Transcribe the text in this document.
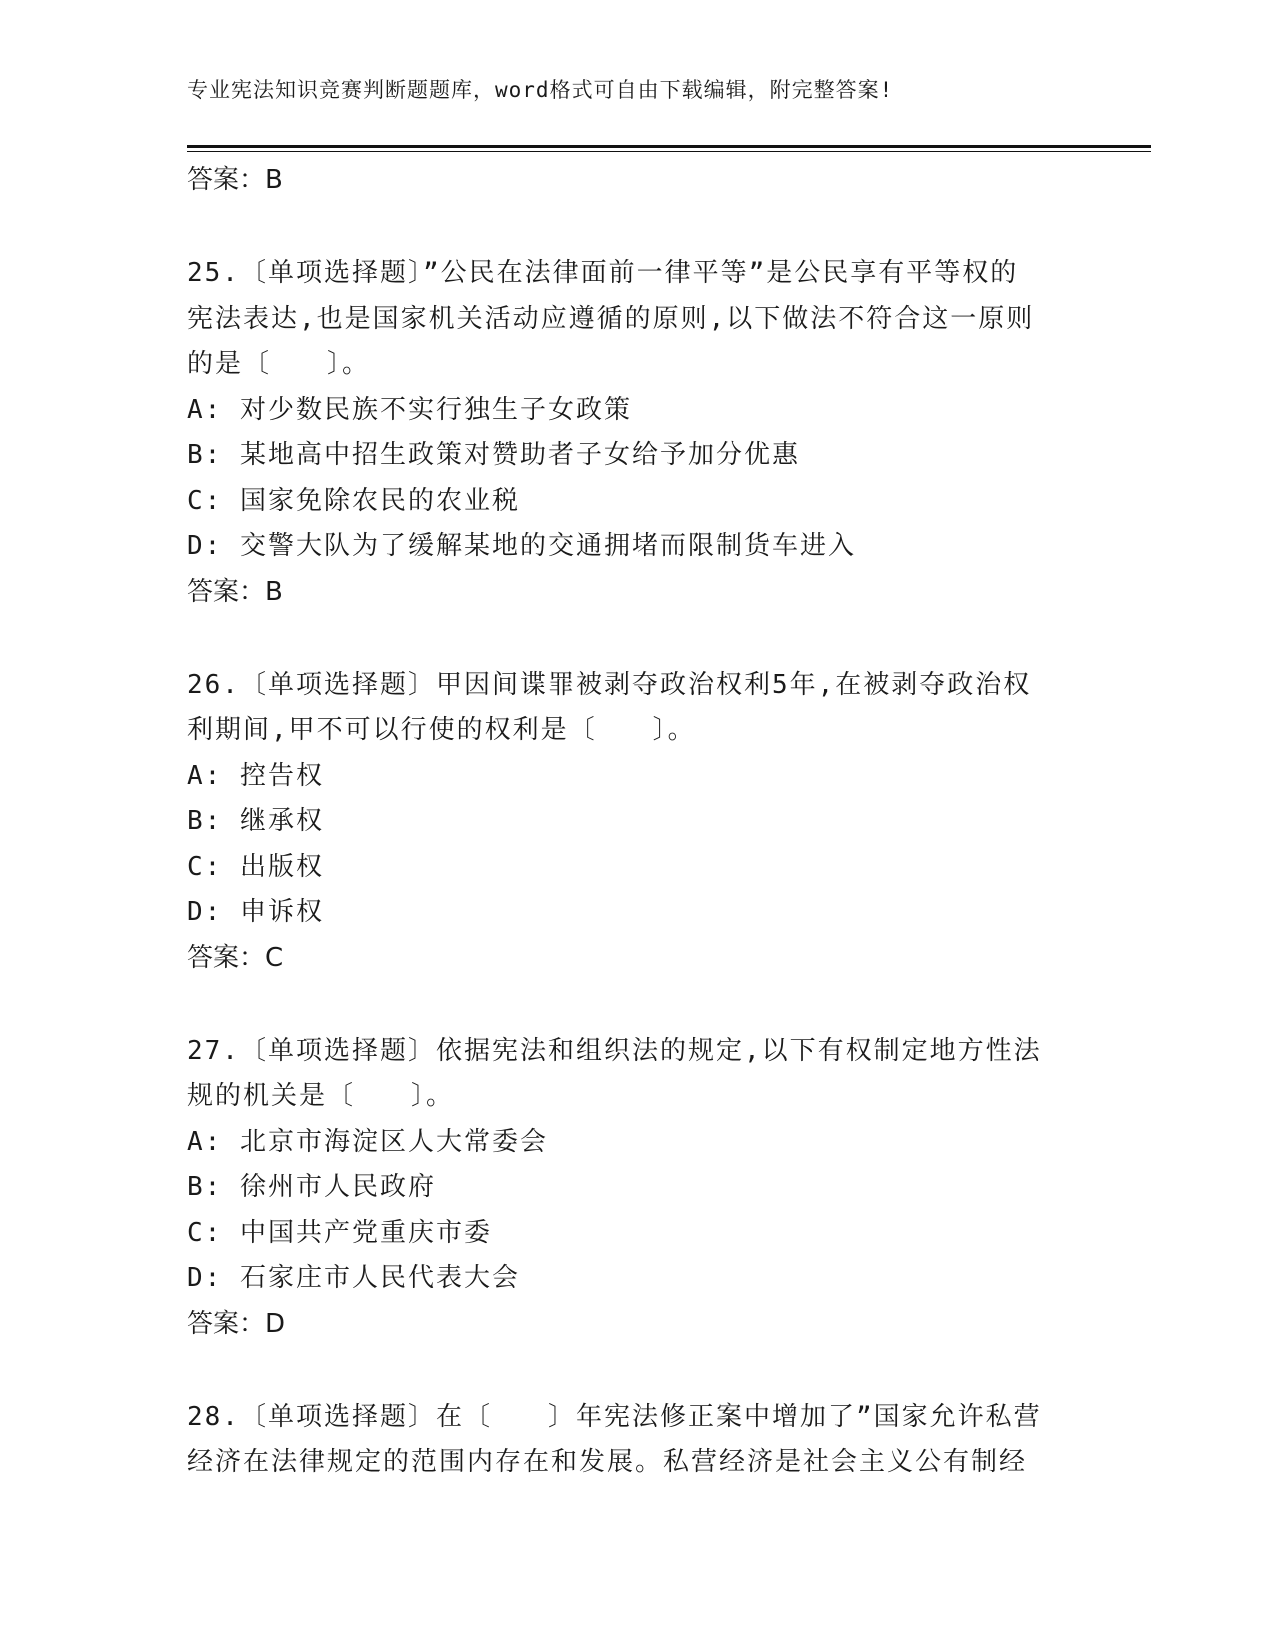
专业宪法知识竞赛判断题题库，word格式可自由下载编辑，附完整答案!
答案：B
25.〔单项选择题〕”公民在法律面前一律平等”是公民享有平等权的
宪法表达,也是国家机关活动应遵循的原则,以下做法不符合这一原则
的是〔　　〕。
A: 对少数民族不实行独生子女政策
B: 某地高中招生政策对赞助者子女给予加分优惠
C: 国家免除农民的农业税
D: 交警大队为了缓解某地的交通拥堵而限制货车进入
答案：B
26.〔单项选择题〕甲因间谍罪被剥夺政治权利5年,在被剥夺政治权
利期间,甲不可以行使的权利是〔　　〕。
A: 控告权
B: 继承权
C: 出版权
D: 申诉权
答案：C
27.〔单项选择题〕依据宪法和组织法的规定,以下有权制定地方性法
规的机关是〔　　〕。
A: 北京市海淀区人大常委会
B: 徐州市人民政府
C: 中国共产党重庆市委
D: 石家庄市人民代表大会
答案：D
28.〔单项选择题〕在〔　　〕年宪法修正案中增加了”国家允许私营
经济在法律规定的范围内存在和发展。私营经济是社会主义公有制经
